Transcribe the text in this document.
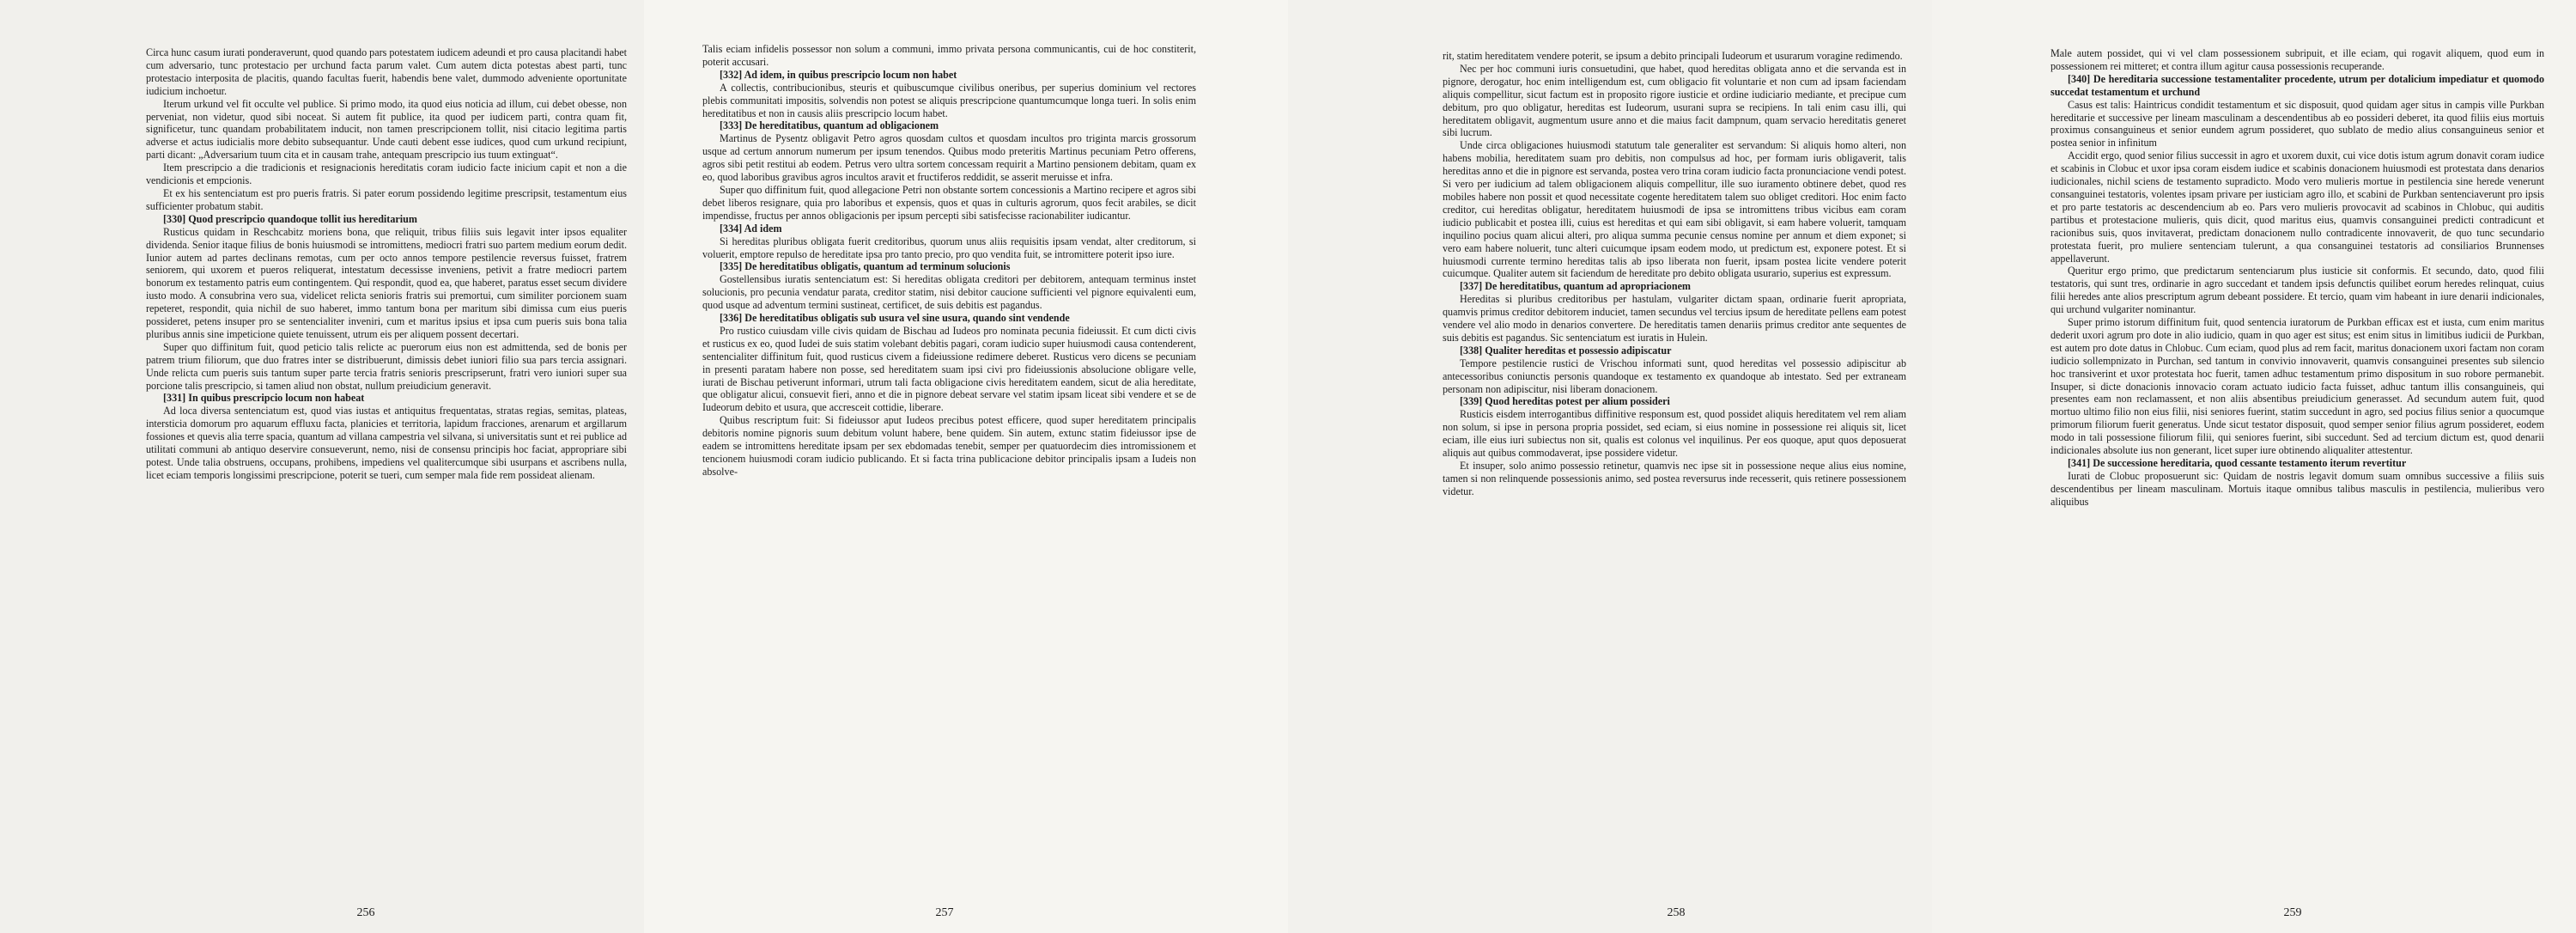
Circa hunc casum iurati ponderaverunt, quod quando pars potestatem iudicem adeundi et pro causa placitandi habet cum adversario, tunc protestacio per urchund facta parum valet. Cum autem dicta potestas abest parti, tunc protestacio interposita de placitis, quando facultas fuerit, habendis bene valet, dummodo adveniente oportunitate iudicium inchoetur.

Iterum urkund vel fit occulte vel publice. Si primo modo, ita quod eius noticia ad illum, cui debet obesse, non perveniat, non videtur, quod sibi noceat. Si autem fit publice, ita quod per iudicem parti, contra quam fit, significetur, tunc quandam probabilitatem inducit, non tamen prescripcionem tollit, nisi citacio legitima partis adverse et actus iudicialis more debito subsequantur. Unde cauti debent esse iudices, quod cum urkund recipiunt, parti dicant: „Adversarium tuum cita et in causam trahe, antequam prescripcio ius tuum extinguat“.

Item prescripcio a die tradicionis et resignacionis hereditatis coram iudicio facte inicium capit et non a die vendicionis et empcionis.

Et ex his sentenciatum est pro pueris fratris. Si pater eorum possidendo legitime prescripsit, testamentum eius sufficienter probatum stabit.

[330] Quod prescripcio quandoque tollit ius hereditarium

Rusticus quidam in Reschcabitz moriens bona, que reliquit, tribus filiis suis legavit inter ipsos equaliter dividenda. Senior itaque filius de bonis huiusmodi se intromittens, mediocri fratri suo partem medium eorum dedit. Iunior autem ad partes declinans remotas, cum per octo annos tempore pestilencie reversus fuisset, fratrem seniorem, qui uxorem et pueros reliquerat, intestatum decessisse inveniens, petivit a fratre mediocri partem bonorum ex testamento patris eum contingentem. Qui respondit, quod ea, que haberet, paratus esset secum dividere iusto modo. A consubrina vero sua, videlicet relicta senioris fratris sui premortui, cum similiter porcionem suam repeteret, respondit, quia nichil de suo haberet, immo tantum bona per maritum sibi dimissa cum eius pueris possideret, petens insuper pro se sentencialiter inveniri, cum et maritus ipsius et ipsa cum pueris suis bona talia pluribus annis sine impeticione quiete tenuissent, utrum eis per aliquem possent decertari.

Super quo diffinitum fuit, quod peticio talis relicte ac puerorum eius non est admittenda, sed de bonis per patrem trium filiorum, que duo fratres inter se distribuerunt, dimissis debet iuniori filio sua pars tercia assignari. Unde relicta cum pueris suis tantum super parte tercia fratris senioris prescripserunt, fratri vero iuniori super sua porcione talis prescripcio, si tamen aliud non obstat, nullum preiudicium generavit.

[331] In quibus prescripcio locum non habeat

Ad loca diversa sentenciatum est, quod vias iustas et antiquitus frequentatas, stratas regias, semitas, plateas, intersticia domorum pro aquarum effluxu facta, planicies et territoria, lapidum fracciones, arenarum et argillarum fossiones et quevis alia terre spacia, quantum ad villana campestria vel silvana, si universitatis sunt et rei publice ad utilitati communi ab antiquo deservire consueverunt, nemo, nisi de consensu principis hoc faciat, appropriare sibi potest. Unde talia obstruens, occupans, prohibens, impediens vel qualitercumque sibi usurpans et ascribens nulla, licet eciam temporis longissimi prescripcione, poterit se tueri, cum semper mala fide rem possideat alienam.

256

Talis eciam infidelis possessor non solum a communi, immo privata persona communicantis, cui de hoc constiterit, poterit accusari.

[332] Ad idem, in quibus prescripcio locum non habet

A collectis, contribucionibus, steuris et quibuscumque civilibus oneribus, per superius dominium vel rectores plebis communitati impositis, solvendis non potest se aliquis prescripcione quantumcumque longa tueri. In solis enim hereditatibus et non in causis aliis prescripcio locum habet.

[333] De hereditatibus, quantum ad obligacionem

Martinus de Pysentz obligavit Petro agros quosdam cultos et quosdam incultos pro triginta marcis grossorum usque ad certum annorum numerum per ipsum tenendos. Quibus modo preteritis Martinus pecuniam Petro offerens, agros sibi petit restitui ab eodem. Petrus vero ultra sortem concessam requirit a Martino pensionem debitam, quam ex eo, quod laboribus gravibus agros incultos aravit et fructiferos reddidit, se asserit meruisse et infra.

Super quo diffinitum fuit, quod allegacione Petri non obstante sortem concessionis a Martino recipere et agros sibi debet liberos resignare, quia pro laboribus et expensis, quos et quas in culturis agrorum, quos fecit arabiles, se dicit impendisse, fructus per annos obligacionis per ipsum percepti sibi satisfecisse racionabiliter iudicantur.

[334] Ad idem

Si hereditas pluribus obligata fuerit creditoribus, quorum unus aliis requisitis ipsam vendat, alter creditorum, si voluerit, emptore repulso de hereditate ipsa pro tanto precio, pro quo vendita fuit, se intromittere poterit ipso iure.

[335] De hereditatibus obligatis, quantum ad terminum solucionis

Gostellensibus iuratis sentenciatum est: Si hereditas obligata creditori per debitorem, antequam terminus instet solucionis, pro pecunia vendatur parata, creditor statim, nisi debitor caucione sufficienti vel pignore equivalenti eum, quod usque ad adventum termini sustineat, certificet, de suis debitis est pagandus.

[336] De hereditatibus obligatis sub usura vel sine usura, quando sint vendende

Pro rustico cuiusdam ville civis quidam de Bischau ad Iudeos pro nominata pecunia fideiussit. Et cum dicti civis et rusticus ex eo, quod Iudei de suis statim volebant debitis pagari, coram iudicio super huiusmodi causa contenderent, sentencialiter diffinitum fuit, quod rusticus civem a fideiussione redimere deberet. Rusticus vero dicens se pecuniam in presenti paratam habere non posse, sed hereditatem suam ipsi civi pro fideiussionis absolucione obligare velle, iurati de Bischau petiverunt informari, utrum tali facta obligacione civis hereditatem eandem, sicut de alia hereditate, que obligatur alicui, consuevit fieri, anno et die in pignore debeat servare vel statim ipsam liceat sibi vendere et se de Iudeorum debito et usura, que accresceit cottidie, liberare.

Quibus rescriptum fuit: Si fideiussor aput Iudeos precibus potest efficere, quod super hereditatem principalis debitoris nomine pignoris suum debitum volunt habere, bene quidem. Sin autem, extunc statim fideiussor ipse de eadem se intromittens hereditate ipsam per sex ebdomadas tenebit, semper per quatuordecim dies intromissionem et tencionem huiusmodi coram iudicio publicando. Et si facta trina publicacione debitor principalis ipsam a Iudeis non absolve-

257

rit, statim hereditatem vendere poterit, se ipsum a debito principali Iudeorum et usurarum voragine redimendo.

Nec per hoc communi iuris consuetudini, que habet, quod hereditas obligata anno et die servanda est in pignore, derogatur, hoc enim intelligendum est, cum obligacio fit voluntarie et non cum ad ipsam faciendam aliquis compellitur, sicut factum est in proposito rigore iusticie et ordine iudiciario mediante, et precipue cum debitum, pro quo obligatur, hereditas est Iudeorum, usurani supra se recipiens. In tali enim casu illi, qui hereditatem obligavit, augmentum usure anno et die maius facit dampnum, quam servacio hereditatis generet sibi lucrum.

Unde circa obligaciones huiusmodi statutum tale generaliter est servandum: Si aliquis homo alteri, non habens mobilia, hereditatem suam pro debitis, non compulsus ad hoc, per formam iuris obligaverit, talis hereditas anno et die in pignore est servanda, postea vero trina coram iudicio facta pronunciacione vendi potest. Si vero per iudicium ad talem obligacionem aliquis compellitur, ille suo iuramento obtinere debet, quod res mobiles habere non possit et quod necessitate cogente hereditatem talem suo obliget creditori. Hoc enim facto creditor, cui hereditas obligatur, hereditatem huiusmodi de ipsa se intromittens tribus vicibus eam coram iudicio publicabit et postea illi, cuius est hereditas et qui eam sibi obligavit, si eam habere voluerit, tamquam inquilino pocius quam alicui alteri, pro aliqua summa pecunie census nomine per annum et diem exponet; si vero eam habere noluerit, tunc alteri cuicumque ipsam eodem modo, ut predictum est, exponere potest. Et si huiusmodi currente termino hereditas talis ab ipso liberata non fuerit, ipsam postea licite vendere poterit cuicumque. Qualiter autem sit faciendum de hereditate pro debito obligata usurario, superius est expressum.

[337] De hereditatibus, quantum ad apropriacionem

Hereditas si pluribus creditoribus per hastulam, vulgariter dictam spaan, ordinarie fuerit apropriata, quamvis primus creditor debitorem induciet, tamen secundus vel tercius ipsum de hereditate pellens eam potest vendere vel alio modo in denarios convertere. De hereditatis tamen denariis primus creditor ante sequentes de suis debitis est pagandus. Sic sentenciatum est iuratis in Hulein.

[338] Qualiter hereditas et possessio adipiscatur

Tempore pestilencie rustici de Vrischou informati sunt, quod hereditas vel possessio adipiscitur ab antecessoribus coniunctis personis quandoque ex testamento ex quandoque ab intestato. Sed per extraneam personam non adipiscitur, nisi liberam donacionem.

[339] Quod hereditas potest per alium possideri

Rusticis eisdem interrogantibus diffinitive responsum est, quod possidet aliquis hereditatem vel rem aliam non solum, si ipse in persona propria possidet, sed eciam, si eius nomine in possessione rei aliquis sit, licet eciam, ille eius iuri subiectus non sit, qualis est colonus vel inquilinus. Per eos quoque, aput quos deposuerat aliquis aut quibus commodaverat, ipse possidere videtur.

Et insuper, solo animo possessio retinetur, quamvis nec ipse sit in possessione neque alius eius nomine, tamen si non relinquende possessionis animo, sed postea reversurus inde recesserit, quis retinere possessionem videtur.

258

Male autem possidet, qui vi vel clam possessionem subripuit, et ille eciam, qui rogavit aliquem, quod eum in possessionem rei mitteret; et contra illum agitur causa possessionis recuperande.

[340] De hereditaria successione testamentaliter procedente, utrum per dotalicium impediatur et quomodo succedat testamentum et urchund

Casus est talis: Haintricus condidit testamentum et sic disposuit, quod quidam ager situs in campis ville Purkban hereditarie et successive per lineam masculinam a descendentibus ab eo possideri deberet, ita quod filiis eius mortuis proximus consanguineus et senior eundem agrum possideret, quo sublato de medio alius consanguineus senior et postea senior in infinitum

Accidit ergo, quod senior filius successit in agro et uxorem duxit, cui vice dotis istum agrum donavit coram iudice et scabinis in Clobuc et uxor ipsa coram eisdem iudice et scabinis donacionem huiusmodi est protestata dans denarios iudicionales, nichil sciens de testamento supradicto. Modo vero mulieris mortue in pestilencia sine herede venerunt consanguinei testatoris, volentes ipsam privare per iusticiam agro illo, et scabini de Purkban sentenciaverunt pro ipsis et pro parte testatoris ac descendencium ab eo. Pars vero mulieris provocavit ad scabinos in Chlobuc, qui auditis partibus et protestacione mulieris, quis dicit, quod maritus eius, quamvis consanguinei predicti contradicunt et racionibus suis, quos invitaverat, predictam donacionem nullo contradicente innovaverit, de quo tunc secundario protestata fuerit, pro muliere sentenciam tulerunt, a qua consanguinei testatoris ad consiliarios Brunnenses appellaverunt.

Queritur ergo primo, que predictarum sentenciarum plus iusticie sit conformis. Et secundo, dato, quod filii testatoris, qui sunt tres, ordinarie in agro succedant et tandem ipsis defunctis quilibet eorum heredes relinquat, cuius filii heredes ante alios prescriptum agrum debeant possidere. Et tercio, quam vim habeant in iure denarii indicionales, qui urchund vulgariter nominantur.

Super primo istorum diffinitum fuit, quod sentencia iuratorum de Purkban efficax est et iusta, cum enim maritus dederit uxori agrum pro dote in alio iudicio, quam in quo ager est situs; est enim situs in limitibus iudicii de Purkban, est autem pro dote datus in Chlobuc. Cum eciam, quod plus ad rem facit, maritus donacionem uxori factam non coram iudicio sollempnizato in Purchan, sed tantum in convivio innovaverit, quamvis consanguinei presentes sub silencio hoc transiverint et uxor protestata hoc fuerit, tamen adhuc testamentum primo dispositum in suo robore permanebit. Insuper, si dicte donacionis innovacio coram actuato iudicio facta fuisset, adhuc tantum illis consanguineis, qui presentes eam non reclamassent, et non aliis absentibus preiudicium generasset. Ad secundum autem fuit, quod mortuo ultimo filio non eius filii, nisi seniores fuerint, statim succedunt in agro, sed pocius filius senior a quocumque primorum filiorum fuerit generatus. Unde sicut testator disposuit, quod semper senior filius agrum possideret, eodem modo in tali possessione filiorum filii, qui seniores fuerint, sibi succedunt. Sed ad tercium dictum est, quod denarii indicionales absolute ius non generant, licet super iure obtinendo aliqualiter attestentur.

[341] De successione hereditaria, quod cessante testamento iterum revertitur

Iurati de Clobuc proposuerunt sic: Quidam de nostris legavit domum suam omnibus successive a filiis suis descendentibus per lineam masculinam. Mortuis itaque omnibus talibus masculis in pestilencia, mulieribus vero aliquibus

259
